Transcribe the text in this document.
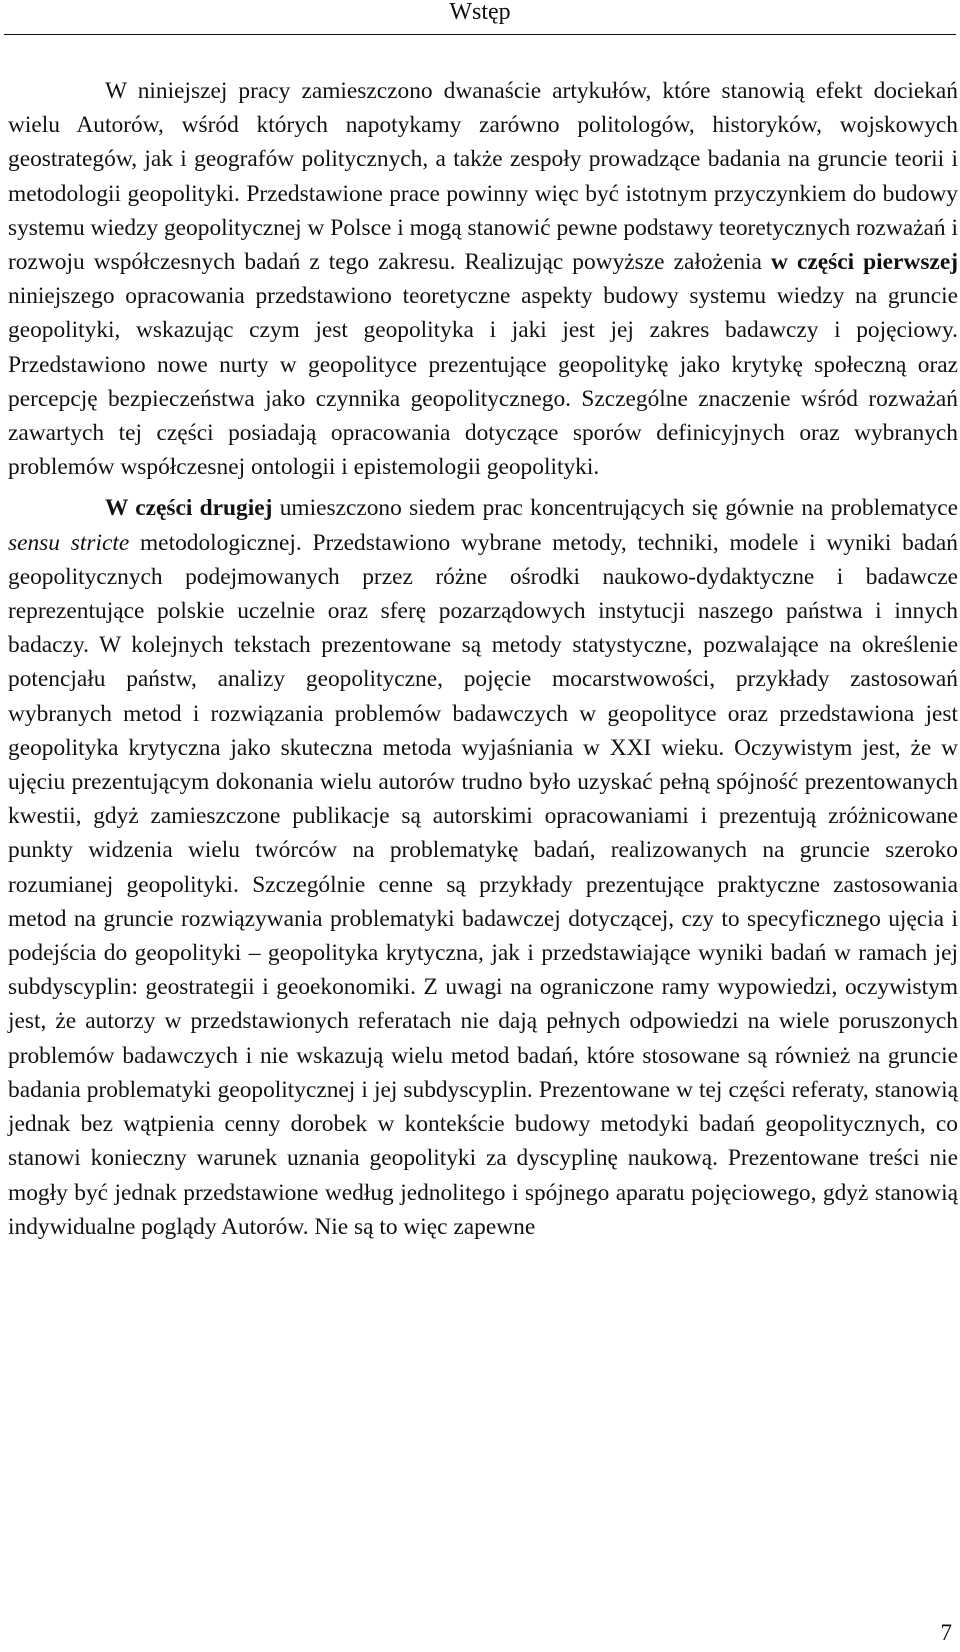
Wstęp

W niniejszej pracy zamieszczono dwanaście artykułów, które stanowią efekt dociekań wielu Autorów, wśród których napotykamy zarówno politologów, historyków, wojskowych geostrategów, jak i geografów politycznych, a także zespoły prowadzące badania na gruncie teorii i metodologii geopolityki. Przedstawione prace powinny więc być istotnym przyczynkiem do budowy systemu wiedzy geopolitycznej w Polsce i mogą stanowić pewne podstawy teoretycznych rozważań i rozwoju współczesnych badań z tego zakresu. Realizując powyższe założenia w części pierwszej niniejszego opracowania przedstawiono teoretyczne aspekty budowy systemu wiedzy na gruncie geopolityki, wskazując czym jest geopolityka i jaki jest jej zakres badawczy i pojęciowy. Przedstawiono nowe nurty w geopolityce prezentujące geopolitykę jako krytykę społeczną oraz percepcję bezpieczeństwa jako czynnika geopolitycznego. Szczególne znaczenie wśród rozważań zawartych tej części posiadają opracowania dotyczące sporów definicyjnych oraz wybranych problemów współczesnej ontologii i epistemologii geopolityki.

W części drugiej umieszczono siedem prac koncentrujących się gównie na problematyce sensu stricte metodologicznej. Przedstawiono wybrane metody, techniki, modele i wyniki badań geopolitycznych podejmowanych przez różne ośrodki naukowo-dydaktyczne i badawcze reprezentujące polskie uczelnie oraz sferę pozarządowych instytucji naszego państwa i innych badaczy. W kolejnych tekstach prezentowane są metody statystyczne, pozwalające na określenie potencjału państw, analizy geopolityczne, pojęcie mocarstwowości, przykłady zastosowań wybranych metod i rozwiązania problemów badawczych w geopolityce oraz przedstawiona jest geopolityka krytyczna jako skuteczna metoda wyjaśniania w XXI wieku. Oczywistym jest, że w ujęciu prezentującym dokonania wielu autorów trudno było uzyskać pełną spójność prezentowanych kwestii, gdyż zamieszczone publikacje są autorskimi opracowaniami i prezentują zróżnicowane punkty widzenia wielu twórców na problematykę badań, realizowanych na gruncie szeroko rozumianej geopolityki. Szczególnie cenne są przykłady prezentujące praktyczne zastosowania metod na gruncie rozwiązywania problematyki badawczej dotyczącej, czy to specyficznego ujęcia i podejścia do geopolityki – geopolityka krytyczna, jak i przedstawiające wyniki badań w ramach jej subdyscyplin: geostrategii i geoekonomiki. Z uwagi na ograniczone ramy wypowiedzi, oczywistym jest, że autorzy w przedstawionych referatach nie dają pełnych odpowiedzi na wiele poruszonych problemów badawczych i nie wskazują wielu metod badań, które stosowane są również na gruncie badania problematyki geopolitycznej i jej subdyscyplin. Prezentowane w tej części referaty, stanowią jednak bez wątpienia cenny dorobek w kontekście budowy metodyki badań geopolitycznych, co stanowi konieczny warunek uznania geopolityki za dyscyplinę naukową. Prezentowane treści nie mogły być jednak przedstawione według jednolitego i spójnego aparatu pojęciowego, gdyż stanowią indywidualne poglądy Autorów. Nie są to więc zapewne

7
